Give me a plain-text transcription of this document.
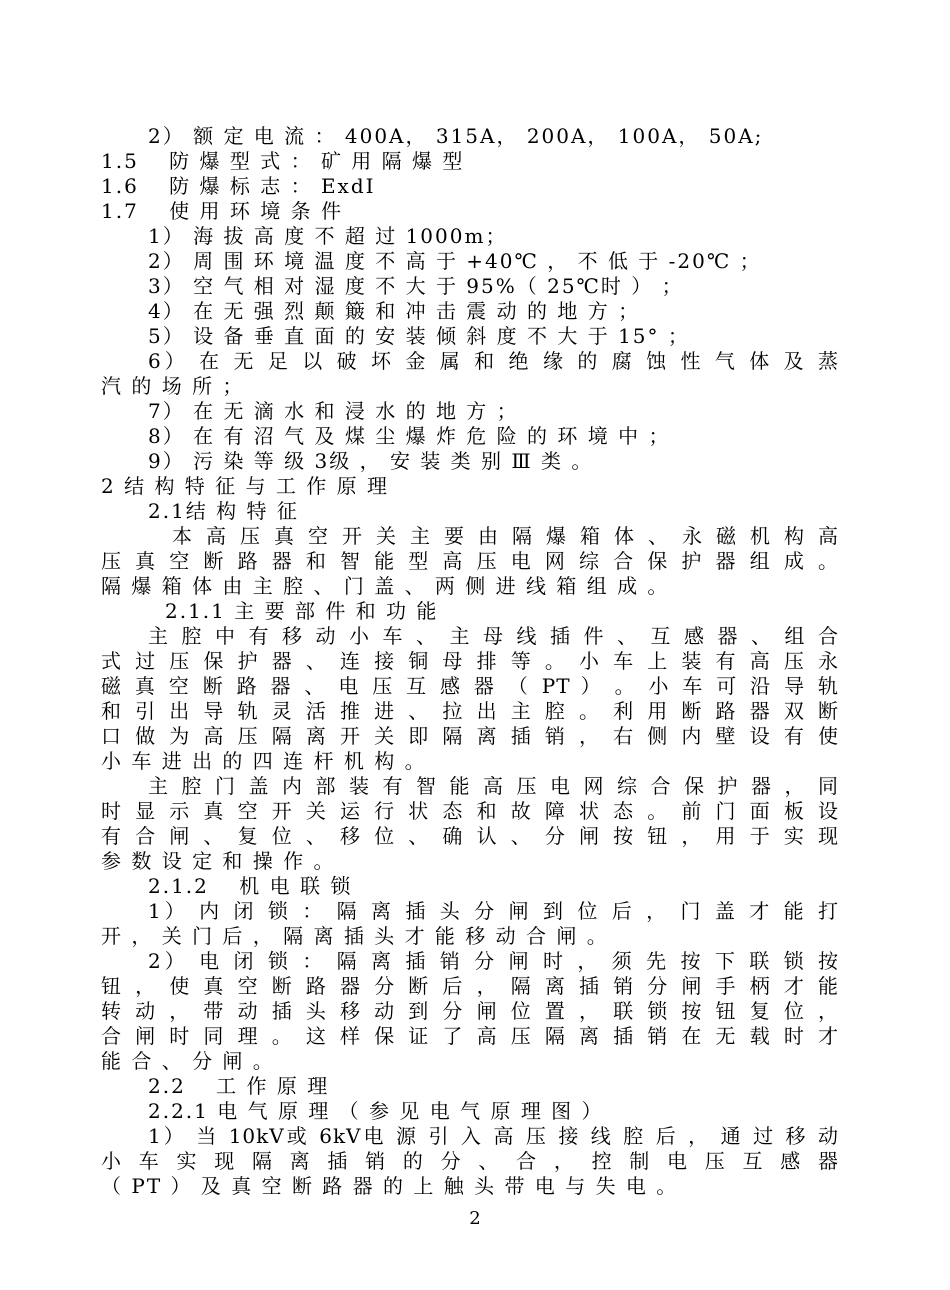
2） 额 定 电 流 ： 400A， 315A， 200A， 100A， 50A;
1.5　 防 爆 型 式 ： 矿 用 隔 爆 型
1.6　 防 爆 标 志 ： ExdI
1.7　 使 用 环 境 条 件
1） 海 拔 高 度 不 超 过 1000m；
2） 周 围 环 境 温 度 不 高 于 +40℃ ， 不 低 于 -20℃ ；
3） 空 气 相 对 湿 度 不 大 于 95%（ 25℃时 ） ；
4） 在 无 强 烈 颠 簸 和 冲 击 震 动 的 地 方 ；
5） 设 备 垂 直 面 的 安 装 倾 斜 度 不 大 于 15° ；
6） 在 无 足 以 破 坏 金 属 和 绝 缘 的 腐 蚀 性 气 体 及 蒸
汽 的 场 所 ；
7） 在 无 滴 水 和 浸 水 的 地 方 ；
8） 在 有 沼 气 及 煤 尘 爆 炸 危 险 的 环 境 中 ；
9） 污 染 等 级 3级 ， 安 装 类 别 Ⅲ 类 。
2 结 构 特 征 与 工 作 原 理
2.1结 构 特 征
本 高 压 真 空 开 关 主 要 由 隔 爆 箱 体 、 永 磁 机 构 高
压 真 空 断 路 器 和 智 能 型 高 压 电 网 综 合 保 护 器 组 成 。
隔 爆 箱 体 由 主 腔 、 门 盖 、 两 侧 进 线 箱 组 成 。
2.1.1 主 要 部 件 和 功 能
主 腔 中 有 移 动 小 车 、 主 母 线 插 件 、 互 感 器 、 组 合
式 过 压 保 护 器 、 连 接 铜 母 排 等 。 小 车 上 装 有 高 压 永
磁 真 空 断 路 器 、 电 压 互 感 器 （ PT ） 。 小 车 可 沿 导 轨
和 引 出 导 轨 灵 活 推 进 、 拉 出 主 腔 。 利 用 断 路 器 双 断
口 做 为 高 压 隔 离 开 关 即 隔 离 插 销 ， 右 侧 内 壁 设 有 使
小 车 进 出 的 四 连 杆 机 构 。
主 腔 门 盖 内 部 装 有 智 能 高 压 电 网 综 合 保 护 器 ， 同
时 显 示 真 空 开 关 运 行 状 态 和 故 障 状 态 。 前 门 面 板 设
有 合 闸 、 复 位 、 移 位 、 确 认 、 分 闸 按 钮 ， 用 于 实 现
参 数 设 定 和 操 作 。
2.1.2　 机 电 联 锁
1） 内 闭 锁 ： 隔 离 插 头 分 闸 到 位 后 ， 门 盖 才 能 打
开 ， 关 门 后 ， 隔 离 插 头 才 能 移 动 合 闸 。
2） 电 闭 锁 ： 隔 离 插 销 分 闸 时 ， 须 先 按 下 联 锁 按
钮 ， 使 真 空 断 路 器 分 断 后 ， 隔 离 插 销 分 闸 手 柄 才 能
转 动 ， 带 动 插 头 移 动 到 分 闸 位 置 ， 联 锁 按 钮 复 位 ，
合 闸 时 同 理 。 这 样 保 证 了 高 压 隔 离 插 销 在 无 载 时 才
能 合 、 分 闸 。
2.2　 工 作 原 理
2.2.1 电 气 原 理 （ 参 见 电 气 原 理 图 ）
1） 当 10kV或 6kV电 源 引 入 高 压 接 线 腔 后 ， 通 过 移 动
小 车 实 现 隔 离 插 销 的 分 、 合 ， 控 制 电 压 互 感 器
（ PT ） 及 真 空 断 路 器 的 上 触 头 带 电 与 失 电 。
2
